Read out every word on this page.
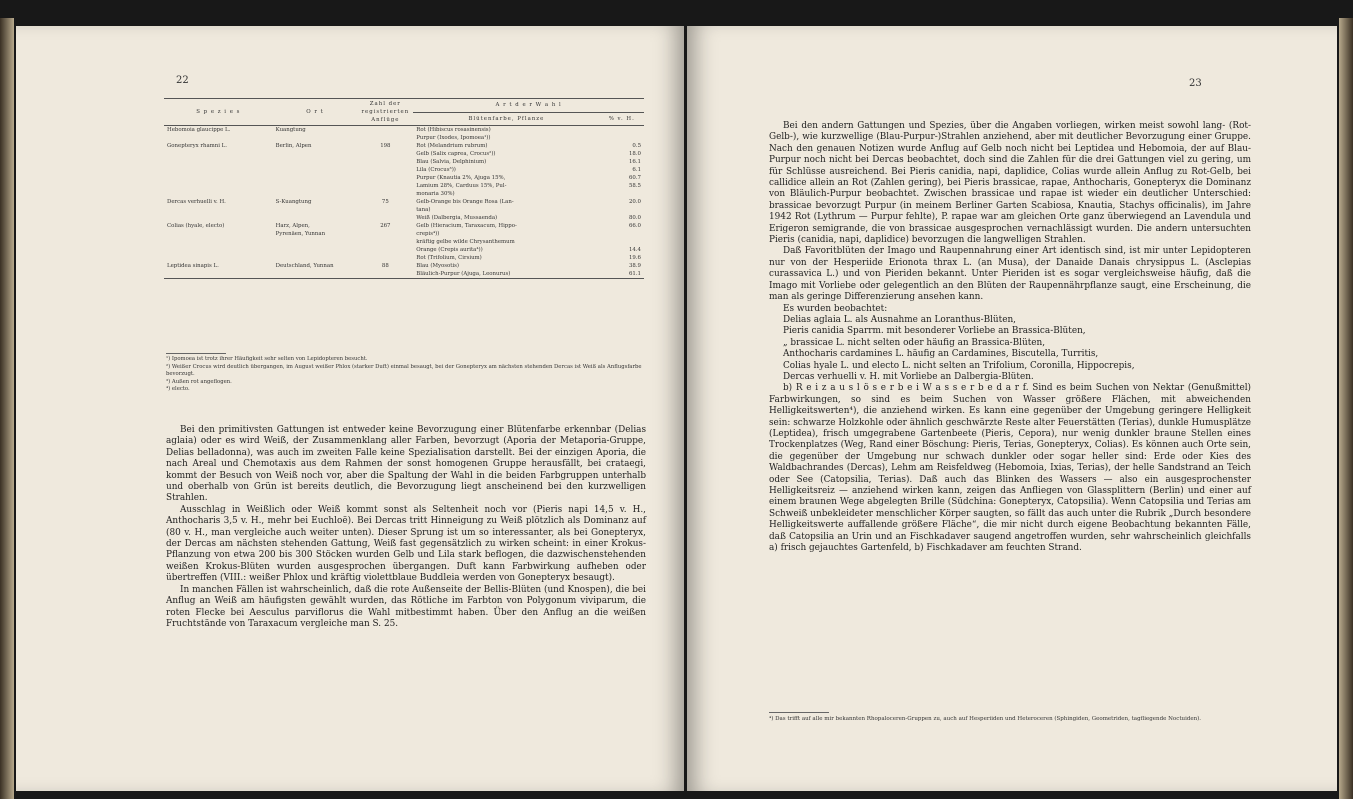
22
S p e z i e s	O r t	Zahl der registrierten Anflüge	A r t d e r W a h l	
			Blütenfarbe, Pflanze	% v. H.
Hebomoia glaucippe L.	Kuangtung		Rot (Hibiscus rosasinensis)	
			Purpur (Ixodes, Ipomoea¹))	
Gonepteryx rhamni L.	Berlin, Alpen	198	Rot (Melandrium rubrum)	0.5
			Gelb (Salix caprea, Crocus²))	18.0
			Blau (Salvia, Delphinium)	16.1
			Lila (Crocus³))	6.1
			Purpur (Knautia 2%, Ajuga 15%,	60.7
			Lamium 28%, Carduus 15%, Pul-	58.5
			monaria 30%)	
Dercas verhuelli v. H.	S-Kuangtung	75	Gelb-Orange bis Orange Rosa (Lan-	20.0
			tana)	
			Weiß (Dalbergia, Mussaenda)	80.0
Colias (hyale, electo)	Harz, Alpen,	267	Gelb (Hieracium, Taraxacum, Hippo-	66.0
	Pyrenäen, Yunnan		crepis⁴))	
			kräftig gelbe wilde Chrysanthemum	
			Orange (Crepis aurita⁴))	14.4
			Rot (Trifolium, Cirsium)	19.6
Leptidea sinapis L.	Deutschland, Yunnan	88	Blau (Myosotis)	38.9
			Bläulich-Purpur (Ajuga, Leonurus)	61.1
¹) Ipomoea ist trotz ihrer Häufigkeit sehr selten von Lepidopteren besucht.
²) Weißer Crocus wird deutlich übergangen, im August weißer Phlox (starker Duft) einmal besaugt, bei der Gonepteryx am nächsten stehenden Dercas ist Weiß als Anflugsfarbe bevorzugt.
³) Außen rot angeflogen.
⁴) electo.

Bei den primitivsten Gattungen ist entweder keine Bevorzugung einer Blütenfarbe erkennbar (Delias aglaia) oder es wird Weiß, der Zusammenklang aller Farben, bevorzugt (Aporia der Metaporia-Gruppe, Delias belladonna), was auch im zweiten Falle keine Spezialisation darstellt. Bei der einzigen Aporia, die nach Areal und Chemotaxis aus dem Rahmen der sonst homogenen Gruppe herausfällt, bei crataegi, kommt der Besuch von Weiß noch vor, aber die Spaltung der Wahl in die beiden Farbgruppen unterhalb und oberhalb von Grün ist bereits deutlich, die Bevorzugung liegt anscheinend bei den kurzwelligen Strahlen.

Ausschlag in Weißlich oder Weiß kommt sonst als Seltenheit noch vor (Pieris napi 14,5 v. H., Anthocharis 3,5 v. H., mehr bei Euchloë). Bei Dercas tritt Hinneigung zu Weiß plötzlich als Dominanz auf (80 v. H., man vergleiche auch weiter unten). Dieser Sprung ist um so interessanter, als bei Gonepteryx, der Dercas am nächsten stehenden Gattung, Weiß fast gegensätzlich zu wirken scheint: in einer Krokus-Pflanzung von etwa 200 bis 300 Stöcken wurden Gelb und Lila stark beflogen, die dazwischenstehenden weißen Krokus-Blüten wurden ausgesprochen übergangen. Duft kann Farbwirkung aufheben oder übertreffen (VIII.: weißer Phlox und kräftig violettblaue Buddleia werden von Gonepteryx besaugt).

In manchen Fällen ist wahrscheinlich, daß die rote Außenseite der Bellis-Blüten (und Knospen), die bei Anflug an Weiß am häufigsten gewählt wurden, das Rötliche im Farbton von Polygonum viviparum, die roten Flecke bei Aesculus parviflorus die Wahl mitbestimmt haben. Über den Anflug an die weißen Fruchtstände von Taraxacum vergleiche man S. 25.

23

Bei den andern Gattungen und Spezies, über die Angaben vorliegen, wirken meist sowohl lang- (Rot-Gelb-), wie kurzwellige (Blau-Purpur-)Strahlen anziehend, aber mit deutlicher Bevorzugung einer Gruppe. Nach den genauen Notizen wurde Anflug auf Gelb noch nicht bei Leptidea und Hebomoia, der auf Blau-Purpur noch nicht bei Dercas beobachtet, doch sind die Zahlen für die drei Gattungen viel zu gering, um für Schlüsse ausreichend. Bei Pieris canidia, napi, daplidice, Colias wurde allein Anflug zu Rot-Gelb, bei callidice allein an Rot (Zahlen gering), bei Pieris brassicae, rapae, Anthocharis, Gonepteryx die Dominanz von Bläulich-Purpur beobachtet. Zwischen brassicae und rapae ist wieder ein deutlicher Unterschied: brassicae bevorzugt Purpur (in meinem Berliner Garten Scabiosa, Knautia, Stachys officinalis), im Jahre 1942 Rot (Lythrum — Purpur fehlte), P. rapae war am gleichen Orte ganz überwiegend an Lavendula und Erigeron semigrande, die von brassicae ausgesprochen vernachlässigt wurden. Die andern untersuchten Pieris (canidia, napi, daplidice) bevorzugen die langwelligen Strahlen.

Daß Favoritblüten der Imago und Raupennahrung einer Art identisch sind, ist mir unter Lepidopteren nur von der Hesperiide Erionota thrax L. (an Musa), der Danaide Danais chrysippus L. (Asclepias curassavica L.) und von Pieriden bekannt. Unter Pieriden ist es sogar vergleichsweise häufig, daß die Imago mit Vorliebe oder gelegentlich an den Blüten der Raupennährpflanze saugt, eine Erscheinung, die man als geringe Differenzierung ansehen kann.

Es wurden beobachtet:

Delias aglaia L. als Ausnahme an Loranthus-Blüten,
Pieris canidia Sparrm. mit besonderer Vorliebe an Brassica-Blüten,
„ brassicae L. nicht selten oder häufig an Brassica-Blüten,
Anthocharis cardamines L. häufig an Cardamines, Biscutella, Turritis,
Colias hyale L. und electo L. nicht selten an Trifolium, Coronilla, Hippocrepis,
Dercas verhuelli v. H. mit Vorliebe an Dalbergia-Blüten.

b) R e i z a u s l ö s e r b e i W a s s e r b e d a r f. Sind es beim Suchen von Nektar (Genußmittel) Farbwirkungen, so sind es beim Suchen von Wasser größere Flächen, mit abweichenden Helligkeitswerten⁴), die anziehend wirken. Es kann eine gegenüber der Umgebung geringere Helligkeit sein: schwarze Holzkohle oder ähnlich geschwärzte Reste alter Feuerstätten (Terias), dunkle Humusplätze (Leptidea), frisch umgegrabene Gartenbeete (Pieris, Cepora), nur wenig dunkler braune Stellen eines Trockenplatzes (Weg, Rand einer Böschung: Pieris, Terias, Gonepteryx, Colias). Es können auch Orte sein, die gegenüber der Umgebung nur schwach dunkler oder sogar heller sind: Erde oder Kies des Waldbachrandes (Dercas), Lehm am Reisfeldweg (Hebomoia, Ixias, Terias), der helle Sandstrand an Teich oder See (Catopsilia, Terias). Daß auch das Blinken des Wassers — also ein ausgesprochenster Helligkeitsreiz — anziehend wirken kann, zeigen das Anfliegen von Glassplittern (Berlin) und einer auf einem braunen Wege abgelegten Brille (Südchina: Gonepteryx, Catopsilia). Wenn Catopsilia und Terias am Schweiß unbekleideter menschlicher Körper saugten, so fällt das auch unter die Rubrik „Durch besondere Helligkeitswerte auffallende größere Fläche“, die mir nicht durch eigene Beobachtung bekannten Fälle, daß Catopsilia an Urin und an Fischkadaver saugend angetroffen wurden, sehr wahrscheinlich gleichfalls a) frisch gejauchtes Gartenfeld, b) Fischkadaver am feuchten Strand.

⁴) Das trifft auf alle mir bekannten Rhopaloceren-Gruppen zu, auch auf Hesperiiden und Heteroceren (Sphingiden, Geometriden, tagfliegende Noctuiden).
